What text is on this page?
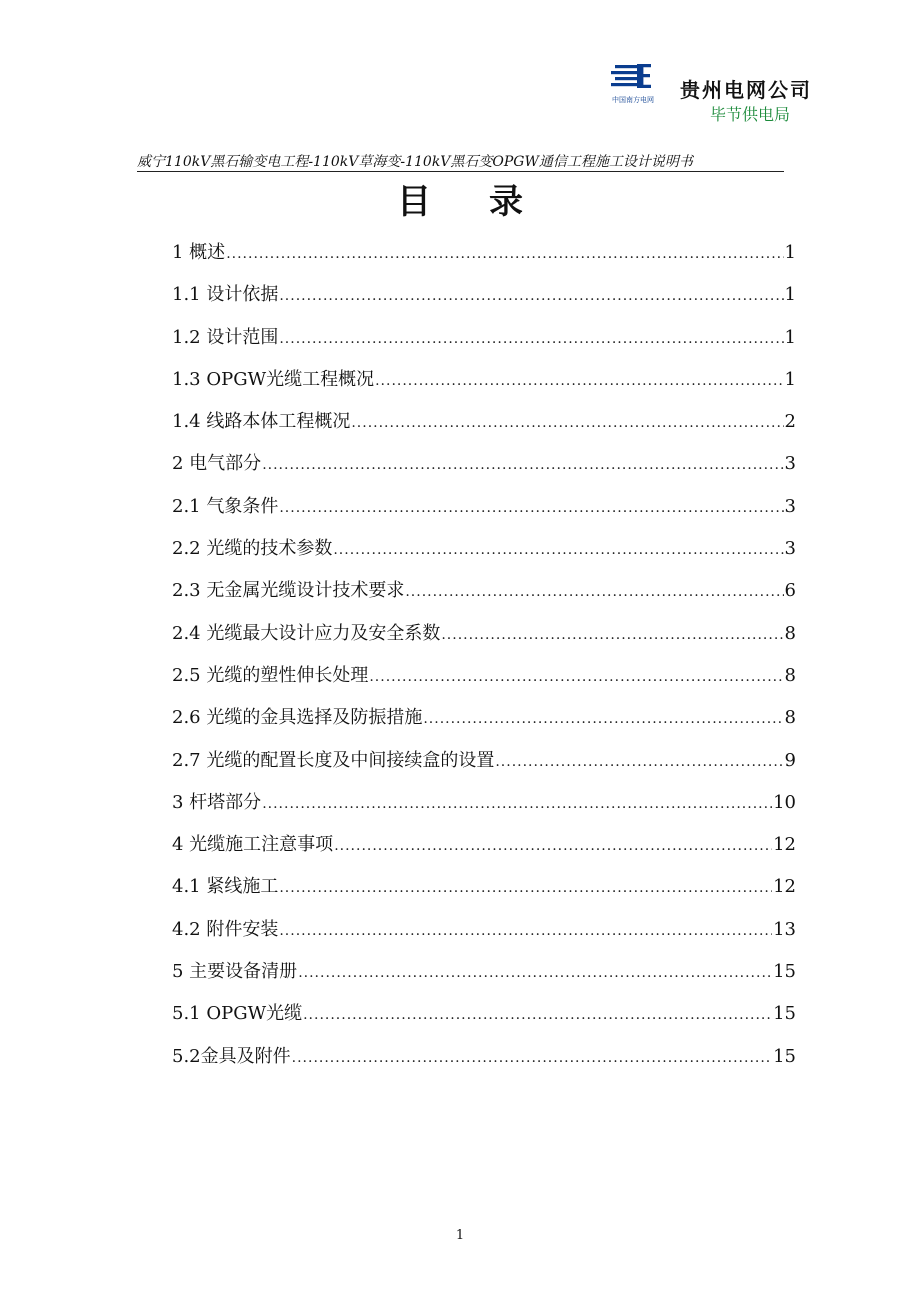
中国南方电网	贵州电网公司
毕节供电局
威宁110kV黑石输变电工程-110kV草海变-110kV黑石变OPGW通信工程施工设计说明书
目录
1 概述 .....	1
1.1 设计依据 .....	1
1.2 设计范围 .....	1
1.3 OPGW光缆工程概况 .....	1
1.4 线路本体工程概况 .....	2
2 电气部分 .....	3
2.1 气象条件 .....	3
2.2 光缆的技术参数 .....	3
2.3 无金属光缆设计技术要求 .....	6
2.4 光缆最大设计应力及安全系数 .....	8
2.5 光缆的塑性伸长处理 .....	8
2.6 光缆的金具选择及防振措施 .....	8
2.7 光缆的配置长度及中间接续盒的设置 .....	9
3 杆塔部分 .....	10
4 光缆施工注意事项 .....	12
4.1 紧线施工 .....	12
4.2 附件安装 .....	13
5 主要设备清册 .....	15
5.1 OPGW光缆 .....	15
5.2金具及附件 .....	15
1
